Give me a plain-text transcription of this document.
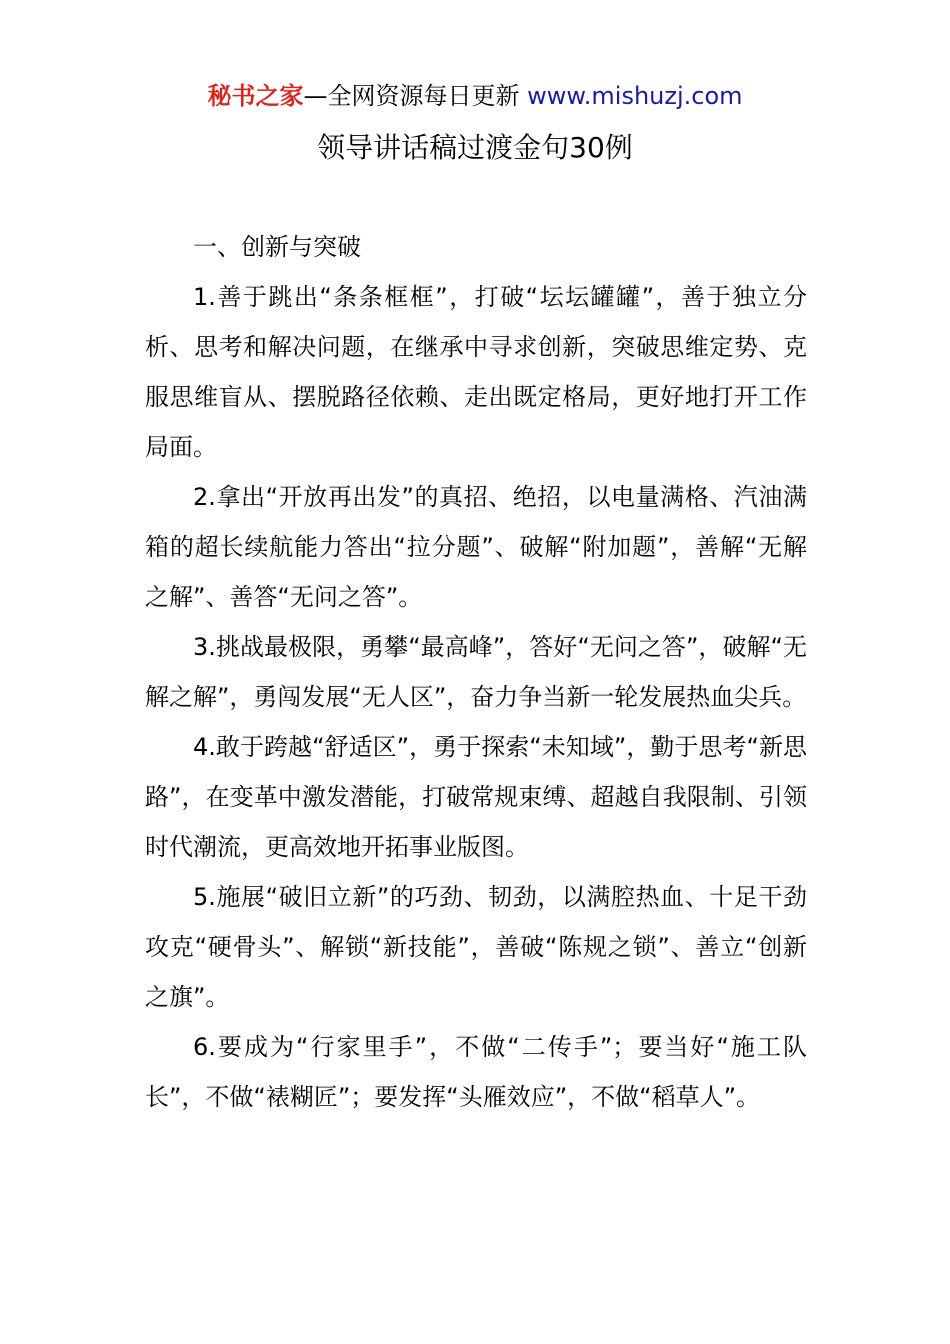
秘书之家—全网资源每日更新 www.mishuzj.com
领导讲话稿过渡金句30例

一、创新与突破

1.善于跳出“条条框框”，打破“坛坛罐罐”，善于独立分析、思考和解决问题，在继承中寻求创新，突破思维定势、克服思维盲从、摆脱路径依赖、走出既定格局，更好地打开工作局面。

2.拿出“开放再出发”的真招、绝招，以电量满格、汽油满箱的超长续航能力答出“拉分题”、破解“附加题”，善解“无解之解”、善答“无问之答”。

3.挑战最极限，勇攀“最高峰”，答好“无问之答”，破解“无解之解”，勇闯发展“无人区”，奋力争当新一轮发展热血尖兵。

4.敢于跨越“舒适区”，勇于探索“未知域”，勤于思考“新思路”，在变革中激发潜能，打破常规束缚、超越自我限制、引领时代潮流，更高效地开拓事业版图。

5.施展“破旧立新”的巧劲、韧劲，以满腔热血、十足干劲攻克“硬骨头”、解锁“新技能”，善破“陈规之锁”、善立“创新之旗”。

6.要成为“行家里手”，不做“二传手”；要当好“施工队长”，不做“裱糊匠”；要发挥“头雁效应”，不做“稻草人”。
